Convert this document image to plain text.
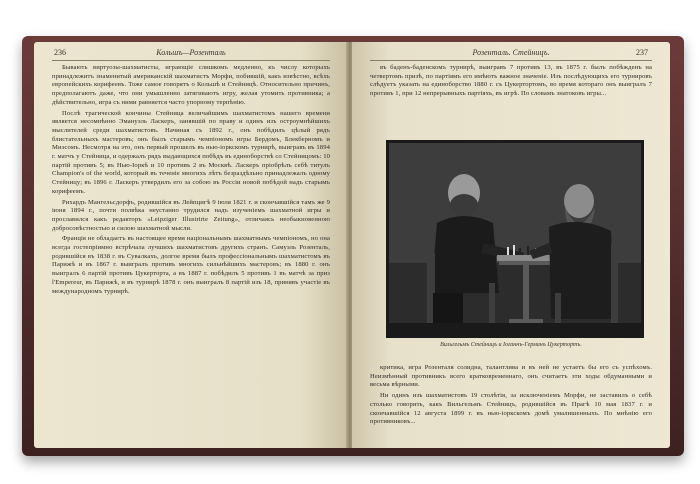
236	Кольшъ—Розенталь

Бывають виртуозы-шахматисты, играющіе слишкомъ медленно, къ числу которыхъ принадлежитъ знаменитый американскій шахматистъ Морфи, побившій, какъ извѣстно, всѣхъ европейскихъ корифеевъ. Тоже самое говорятъ о Кольшѣ и Стейницѣ. Относительно причинъ, предполагаютъ даже, что они умышленно затягиваютъ игру, желая утомить противника; а дѣйствительно, игра съ ними равняется часто упорному терпѣнію.

Послѣ трагической кончины Стейница величайшимъ шахматистомъ нашего времени является несомнѣнно Эмануэль Ласкеръ, занявшій по праву и одинъ изъ остроумнѣйшихъ мыслителей среди шахматистовъ. Начиная съ 1892 г., онъ побѣдилъ цѣлый рядъ блистательныхъ мастеровъ; онъ былъ старымъ чемпіономъ игры Бердомъ, Блекберномъ и Миэсомъ. Несмотря на это, онъ первый прошелъ въ нью-іоркскомъ турнирѣ, выигравъ въ 1894 г. матчъ у Стейница, и одержалъ рядъ выдающихся побѣдъ въ единоборствѣ со Стейницомъ: 10 партій противъ 5; въ Нью-Іоркѣ и 10 противъ 2 въ Москвѣ. Ласкеръ пріобрѣлъ себѣ титулъ Champion's of the world, который въ теченіе многихъ лѣтъ безраздѣльно принадлежалъ одному Стейницу; въ 1896 г. Ласкеръ утвердилъ его за собою въ Россіи новой побѣдой надъ старымъ корифеемъ.

Рихардъ Мангельсдорфъ, родившійся въ Лейпцигѣ 9 іюля 1821 г. и скончавшійся тамъ же 9 іюня 1894 г., почти полвѣка неустанно трудился надъ изученіемъ шахматной игры и прославился какъ редакторъ «Leipziger Illustrirte Zeitung», отличаясь необыкновенною добросовѣстностью и силою шахматной мысли.

Франція не обладаетъ въ настоящее время національнымъ шахматнымъ чемпіономъ, но она всегда гостепріимно встрѣчала лучшихъ шахматистовъ другихъ странъ. Самуэль Розенталь, родившійся въ 1838 г. въ Сувалкахъ, долгое время былъ профессіональнымъ шахматистомъ въ Парижѣ и въ 1867 г. выигралъ противъ многихъ сильнѣйшихъ мастеровъ; въ 1880 г. онъ выигралъ 6 партій противъ Цукерторта, а въ 1887 г. побѣдилъ 5 противъ 1 въ матчѣ за приз l'Empereur, въ Парижѣ, и въ турнирѣ 1878 г. онъ выигралъ 8 партій изъ 18, принявъ участіе въ международномъ турнирѣ.

Розенталь. Стейницъ.	237

въ баденъ-баденскомъ турнирѣ, выигравъ 7 противъ 13, въ 1875 г. былъ побѣжденъ на четвертомъ призѣ, по партіямъ его имѣютъ важное значеніе. Изъ послѣдующихъ его турнировъ слѣдуетъ указать на единоборство 1880 г. съ Цукертортомъ, во время котораго онъ выигралъ 7 противъ 1, при 12 непрерывныхъ партіяхъ, въ игрѣ. По словамъ знатоковъ игры...

Вильгельмъ Стейницъ и Іоганнъ-Германъ Цукертортъ.

критика, игра Розенталя солидна, талантлива и въ ней не устаетъ бы его съ успѣхомъ. Неизмѣнный противникъ всего кратковременнаго, онъ считаетъ эти ходы обдуманными и весьма вѣрными.

Ни одинъ изъ шахматистовъ 19 столѣтія, за исключеніемъ Морфи, не заставилъ о себѣ столько говорить, какъ Вильгельмъ Стейницъ, родившійся въ Прагѣ 10 мая 1837 г. и скончавшійся 12 августа 1899 г. въ нью-іоркскомъ домѣ умалишенныхъ. По мнѣнію его противниковъ...
